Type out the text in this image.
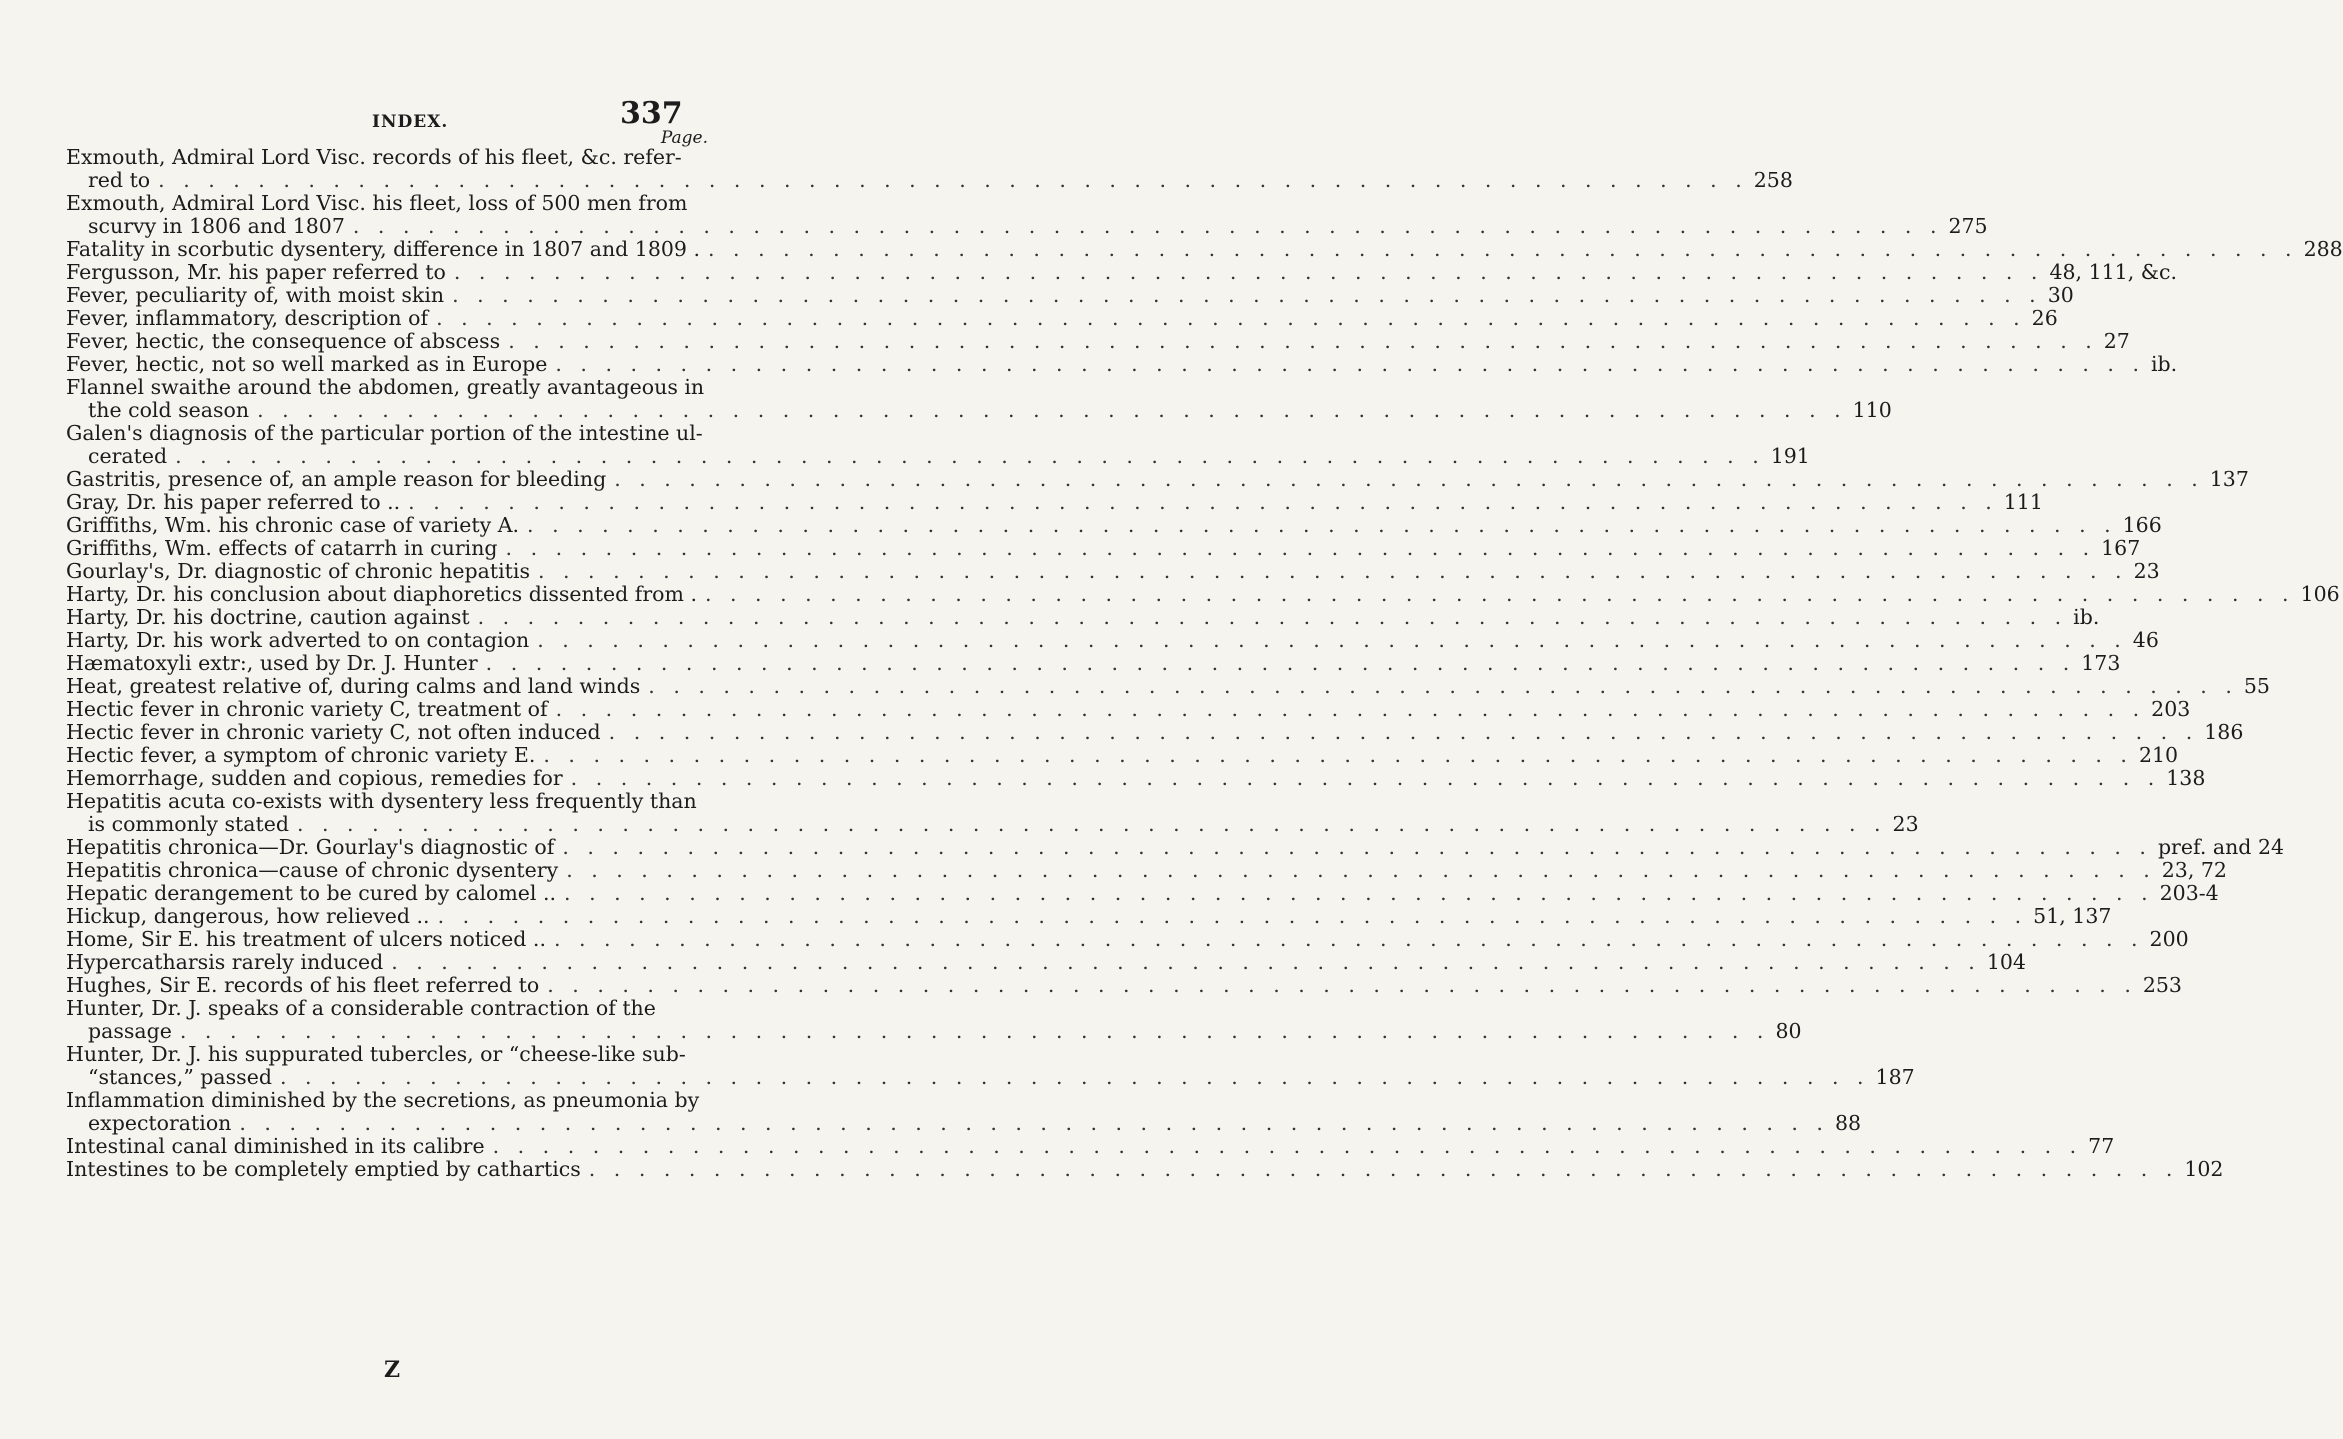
INDEX.	337
Page.
Exmouth, Admiral Lord Visc. records of his fleet, &c. refer-
red to . . .	258
Exmouth, Admiral Lord Visc. his fleet, loss of 500 men from
scurvy in 1806 and 1807 . . .	275
Fatality in scorbutic dysentery, difference in 1807 and 1809 . . . .	288
Fergusson, Mr. his paper referred to . . .	48, 111, &c.
Fever, peculiarity of, with moist skin . . .	30
Fever, inflammatory, description of . . .	26
Fever, hectic, the consequence of abscess . . .	27
Fever, hectic, not so well marked as in Europe . . .	ib.
Flannel swaithe around the abdomen, greatly avantageous in
the cold season . . .	110
Galen's diagnosis of the particular portion of the intestine ul-
cerated . . .	191
Gastritis, presence of, an ample reason for bleeding . . .	137
Gray, Dr. his paper referred to .. . . .	111
Griffiths, Wm. his chronic case of variety A. . . .	166
Griffiths, Wm. effects of catarrh in curing . . .	167
Gourlay's, Dr. diagnostic of chronic hepatitis . . .	23
Harty, Dr. his conclusion about diaphoretics dissented from . . . .	106
Harty, Dr. his doctrine, caution against . . .	ib.
Harty, Dr. his work adverted to on contagion . . .	46
Hæmatoxyli extr:, used by Dr. J. Hunter . . .	173
Heat, greatest relative of, during calms and land winds . . .	55
Hectic fever in chronic variety C, treatment of . . .	203
Hectic fever in chronic variety C, not often induced . . .	186
Hectic fever, a symptom of chronic variety E. . . .	210
Hemorrhage, sudden and copious, remedies for . . .	138
Hepatitis acuta co-exists with dysentery less frequently than
is commonly stated . . .	23
Hepatitis chronica—Dr. Gourlay's diagnostic of . . .	pref. and 24
Hepatitis chronica—cause of chronic dysentery . . .	23, 72
Hepatic derangement to be cured by calomel .. . . .	203-4
Hickup, dangerous, how relieved .. . . .	51, 137
Home, Sir E. his treatment of ulcers noticed .. . . .	200
Hypercatharsis rarely induced . . .	104
Hughes, Sir E. records of his fleet referred to . . .	253
Hunter, Dr. J. speaks of a considerable contraction of the
passage . . .	80
Hunter, Dr. J. his suppurated tubercles, or “cheese-like sub-
“stances,” passed . . .	187
Inflammation diminished by the secretions, as pneumonia by
expectoration . . .	88
Intestinal canal diminished in its calibre . . .	77
Intestines to be completely emptied by cathartics . . .	102
Z
